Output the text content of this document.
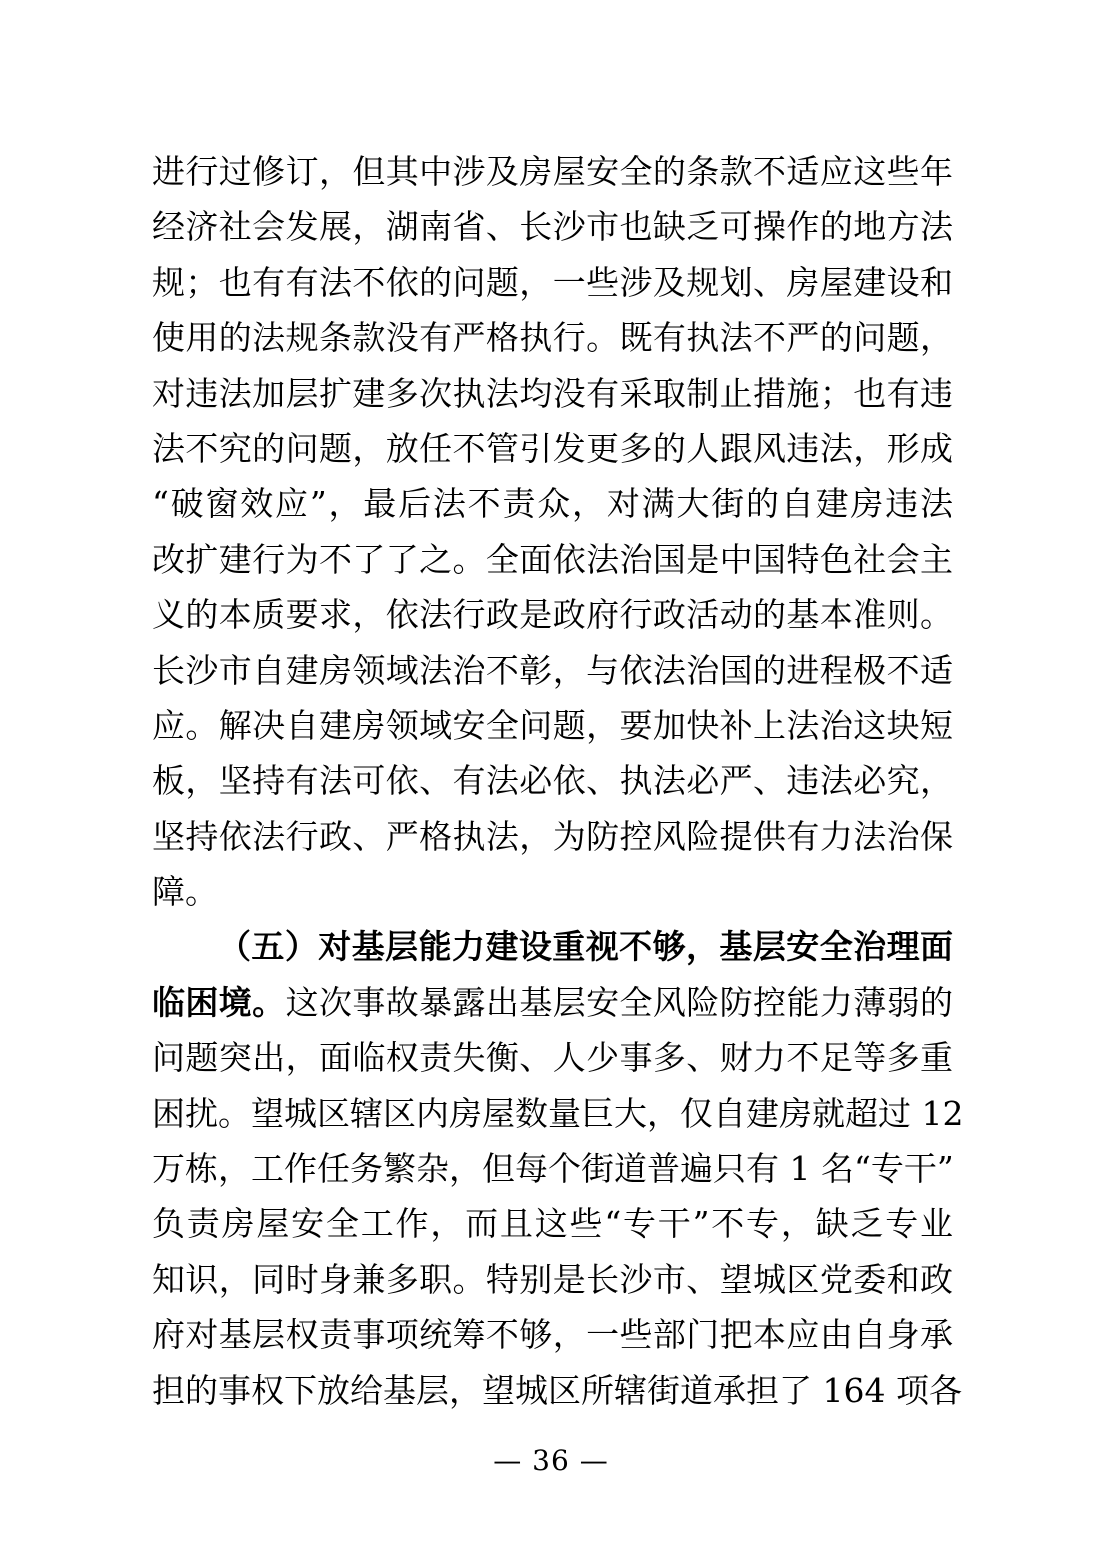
进行过修订，但其中涉及房屋安全的条款不适应这些年
经济社会发展，湖南省、长沙市也缺乏可操作的地方法
规；也有有法不依的问题，一些涉及规划、房屋建设和
使用的法规条款没有严格执行。既有执法不严的问题，
对违法加层扩建多次执法均没有采取制止措施；也有违
法不究的问题，放任不管引发更多的人跟风违法，形成
“破窗效应”，最后法不责众，对满大街的自建房违法
改扩建行为不了了之。全面依法治国是中国特色社会主
义的本质要求，依法行政是政府行政活动的基本准则。
长沙市自建房领域法治不彰，与依法治国的进程极不适
应。解决自建房领域安全问题，要加快补上法治这块短
板，坚持有法可依、有法必依、执法必严、违法必究，
坚持依法行政、严格执法，为防控风险提供有力法治保
障。
（五）对基层能力建设重视不够，基层安全治理面
临困境。这次事故暴露出基层安全风险防控能力薄弱的
问题突出，面临权责失衡、人少事多、财力不足等多重
困扰。望城区辖区内房屋数量巨大，仅自建房就超过 12
万栋，工作任务繁杂，但每个街道普遍只有 1 名“专干”
负责房屋安全工作，而且这些“专干”不专，缺乏专业
知识，同时身兼多职。特别是长沙市、望城区党委和政
府对基层权责事项统筹不够，一些部门把本应由自身承
担的事权下放给基层，望城区所辖街道承担了 164 项各
— 36 —
